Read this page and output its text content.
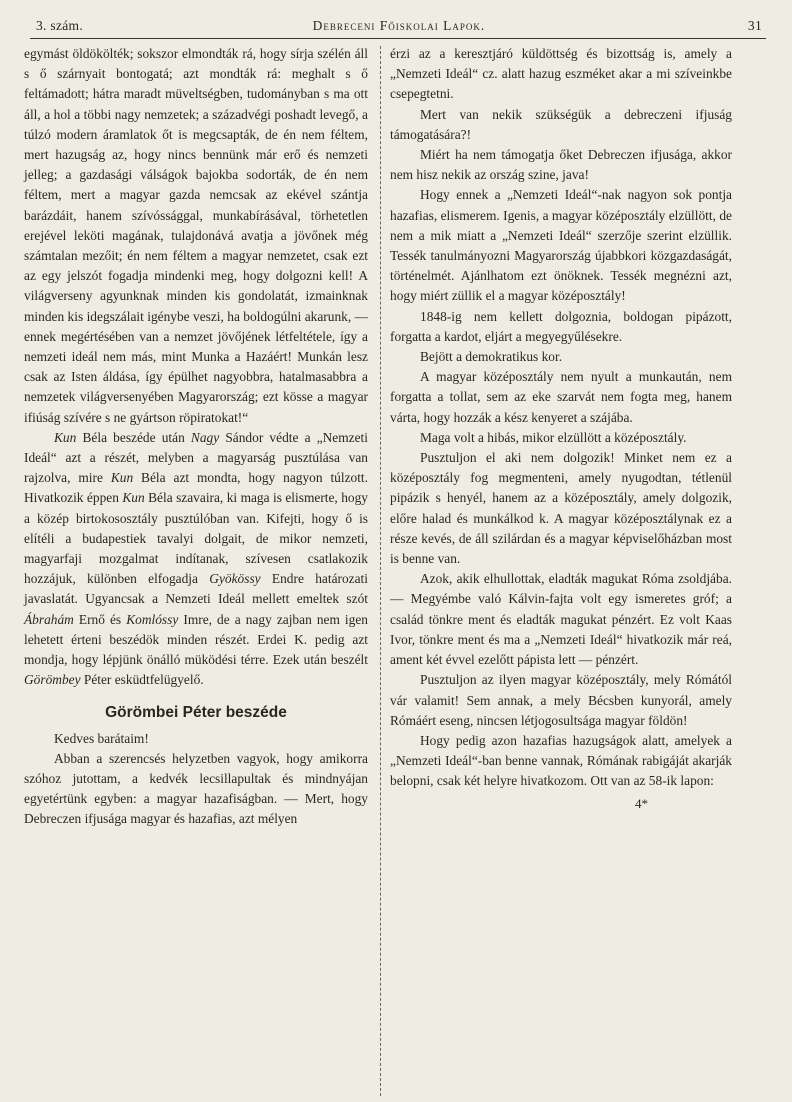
3. szám.	Debreceni Főiskolai Lapok.	31

egymást öldökölték; sokszor elmondták rá, hogy sírja szélén áll s ő szárnyait bontogatá; azt mondták rá: meghalt s ő feltámadott; hátra maradt müveltségben, tudományban s ma ott áll, a hol a többi nagy nemzetek; a századvégi poshadt levegő, a túlzó modern áramlatok őt is megcsapták, de én nem féltem, mert hazugság az, hogy nincs bennünk már erő és nemzeti jelleg; a gazdasági válságok bajokba sodorták, de én nem féltem, mert a magyar gazda nemcsak az ekével szántja barázdáit, hanem szívóssággal, munkabírásával, törhetetlen erejével leköti magának, tulajdonává avatja a jövőnek még számtalan mezőit; én nem féltem a magyar nemzetet, csak ezt az egy jelszót fogadja mindenki meg, hogy dolgozni kell! A világverseny agyunknak minden kis gondolatát, izmainknak minden kis idegszálait igénybe veszi, ha boldogúlni akarunk, — ennek megértésében van a nemzet jövőjének létfeltétele, így a nemzeti ideál nem más, mint Munka a Hazáért! Munkán lesz csak az Isten áldása, így épülhet nagyobbra, hatalmasabbra a nemzetek világversenyében Magyarország; ezt kösse a magyar ifiúság szívére s ne gyártson röpiratokat!“

Kun Béla beszéde után Nagy Sándor védte a „Nemzeti Ideál“ azt a részét, melyben a magyarság pusztúlása van rajzolva, mire Kun Béla azt mondta, hogy nagyon túlzott. Hivatkozik éppen Kun Béla szavaira, ki maga is elismerte, hogy a közép birtokososztály pusztúlóban van. Kifejti, hogy ő is elítéli a budapestiek tavalyi dolgait, de mikor nemzeti, magyarfaji mozgalmat indítanak, szívesen csatlakozik hozzájuk, különben elfogadja Gyökössy Endre határozati javaslatát. Ugyancsak a Nemzeti Ideál mellett emeltek szót Ábrahám Ernő és Komlóssy Imre, de a nagy zajban nem igen lehetett érteni beszédök minden részét. Erdei K. pedig azt mondja, hogy lépjünk önálló müködési térre. Ezek után beszélt Görömbey Péter esküdtfelügyelő.

Görömbei Péter beszéde

Kedves barátaim!

Abban a szerencsés helyzetben vagyok, hogy amikorra szóhoz jutottam, a kedvék lecsillapultak és mindnyájan egyetértünk egyben: a magyar hazafiságban. — Mert, hogy Debreczen ifjusága magyar és hazafias, azt mélyen

érzi az a keresztjáró küldöttség és bizottság is, amely a „Nemzeti Ideál“ cz. alatt hazug eszméket akar a mi szíveinkbe csepegtetni.

Mert van nekik szükségük a debreczeni ifjuság támogatására?!

Miért ha nem támogatja őket Debreczen ifjusága, akkor nem hisz nekik az ország szine, java!

Hogy ennek a „Nemzeti Ideál“-nak nagyon sok pontja hazafias, elismerem. Igenis, a magyar középosztály elzüllött, de nem a mik miatt a „Nemzeti Ideál“ szerzője szerint elzüllik. Tessék tanulmányozni Magyarország újabbkori közgazdaságát, történelmét. Ajánlhatom ezt önöknek. Tessék megnézni azt, hogy miért züllik el a magyar középosztály!

1848-ig nem kellett dolgoznia, boldogan pipázott, forgatta a kardot, eljárt a megyegyűlésekre.

Bejött a demokratikus kor.

A magyar középosztály nem nyult a munkaután, nem forgatta a tollat, sem az eke szarvát nem fogta meg, hanem várta, hogy hozzák a kész kenyeret a szájába.

Maga volt a hibás, mikor elzüllött a középosztály.

Pusztuljon el aki nem dolgozik! Minket nem ez a középosztály fog megmenteni, amely nyugodtan, tétlenül pipázik s henyél, hanem az a középosztály, amely dolgozik, előre halad és munkálkod k. A magyar középosztálynak ez a része kevés, de áll szilárdan és a magyar képviselőházban most is benne van.

Azok, akik elhullottak, eladták magukat Róma zsoldjába. — Megyémbe való Kálvin-fajta volt egy ismeretes gróf; a család tönkre ment és eladták magukat pénzért. Ez volt Kaas Ivor, tönkre ment és ma a „Nemzeti Ideál“ hivatkozik már reá, ament két évvel ezelőtt pápista lett — pénzért.

Pusztuljon az ilyen magyar középosztály, mely Rómától vár valamit! Sem annak, a mely Bécsben kunyorál, amely Rómáért eseng, nincsen létjogosultsága magyar földön!

Hogy pedig azon hazafias hazugságok alatt, amelyek a „Nemzeti Ideál“-ban benne vannak, Rómának rabigáját akarják belopni, csak két helyre hivatkozom. Ott van az 58-ik lapon:

4*
